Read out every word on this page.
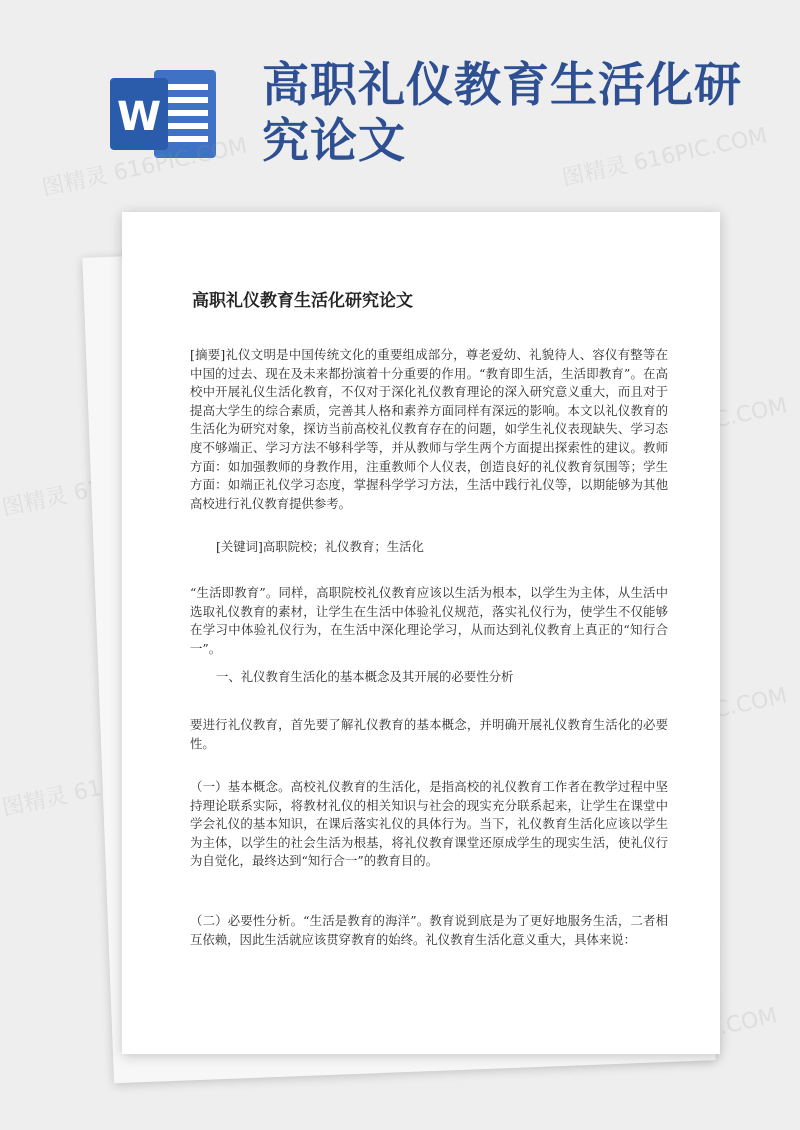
W
高职礼仪教育生活化研究论文
图精灵 616PIC.COM	图精灵 616PIC.COM
图精灵
616PIC.COM
图精灵
616PIC.COM
高职礼仪教育生活化研究论文

[摘要]礼仪文明是中国传统文化的重要组成部分，尊老爱幼、礼貌待人、容仪有整等在中国的过去、现在及未来都扮演着十分重要的作用。“教育即生活，生活即教育”。在高校中开展礼仪生活化教育，不仅对于深化礼仪教育理论的深入研究意义重大，而且对于提高大学生的综合素质，完善其人格和素养方面同样有深远的影响。本文以礼仪教育的生活化为研究对象，探访当前高校礼仪教育存在的问题，如学生礼仪表现缺失、学习态度不够端正、学习方法不够科学等，并从教师与学生两个方面提出探索性的建议。教师方面：如加强教师的身教作用，注重教师个人仪表，创造良好的礼仪教育氛围等；学生方面：如端正礼仪学习态度，掌握科学学习方法，生活中践行礼仪等，以期能够为其他高校进行礼仪教育提供参考。

[关键词]高职院校；礼仪教育；生活化

“生活即教育”。同样，高职院校礼仪教育应该以生活为根本，以学生为主体，从生活中选取礼仪教育的素材，让学生在生活中体验礼仪规范，落实礼仪行为，使学生不仅能够在学习中体验礼仪行为，在生活中深化理论学习，从而达到礼仪教育上真正的“知行合一”。

一、礼仪教育生活化的基本概念及其开展的必要性分析

要进行礼仪教育，首先要了解礼仪教育的基本概念，并明确开展礼仪教育生活化的必要性。

（一）基本概念。高校礼仪教育的生活化，是指高校的礼仪教育工作者在教学过程中坚持理论联系实际，将教材礼仪的相关知识与社会的现实充分联系起来，让学生在课堂中学会礼仪的基本知识，在课后落实礼仪的具体行为。当下，礼仪教育生活化应该以学生为主体，以学生的社会生活为根基，将礼仪教育课堂还原成学生的现实生活，使礼仪行为自觉化，最终达到“知行合一”的教育目的。

（二）必要性分析。“生活是教育的海洋”。教育说到底是为了更好地服务生活，二者相互依赖，因此生活就应该贯穿教育的始终。礼仪教育生活化意义重大，具体来说：
